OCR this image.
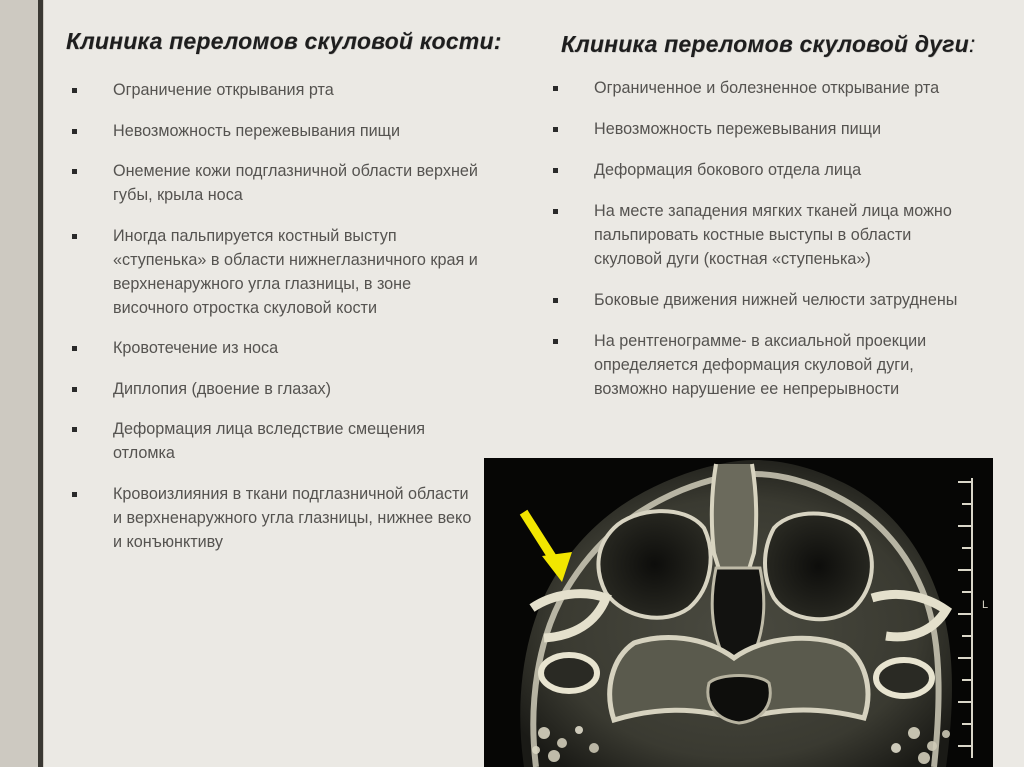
Клиника переломов скуловой кости:	Клиника переломов скуловой дуги:
Ограничение открывания рта
Невозможность пережевывания пищи
Онемение кожи подглазничной области верхней губы, крыла носа
Иногда пальпируется костный выступ «ступенька» в области нижнеглазничного края и верхненаружного угла глазницы, в зоне височного отростка скуловой кости
Кровотечение из носа
Диплопия (двоение в глазах)
Деформация лица вследствие смещения отломка
Кровоизлияния в ткани подглазничной области и верхненаружного угла глазницы, нижнее веко и конъюнктиву
Ограниченное и болезненное открывание рта
Невозможность пережевывания пищи
Деформация бокового отдела лица
На месте западения мягких тканей лица можно пальпировать костные выступы в области скуловой дуги (костная «ступенька»)
Боковые движения нижней челюсти затруднены
На рентгенограмме- в аксиальной проекции определяется деформация скуловой дуги, возможно нарушение ее непрерывности
L
